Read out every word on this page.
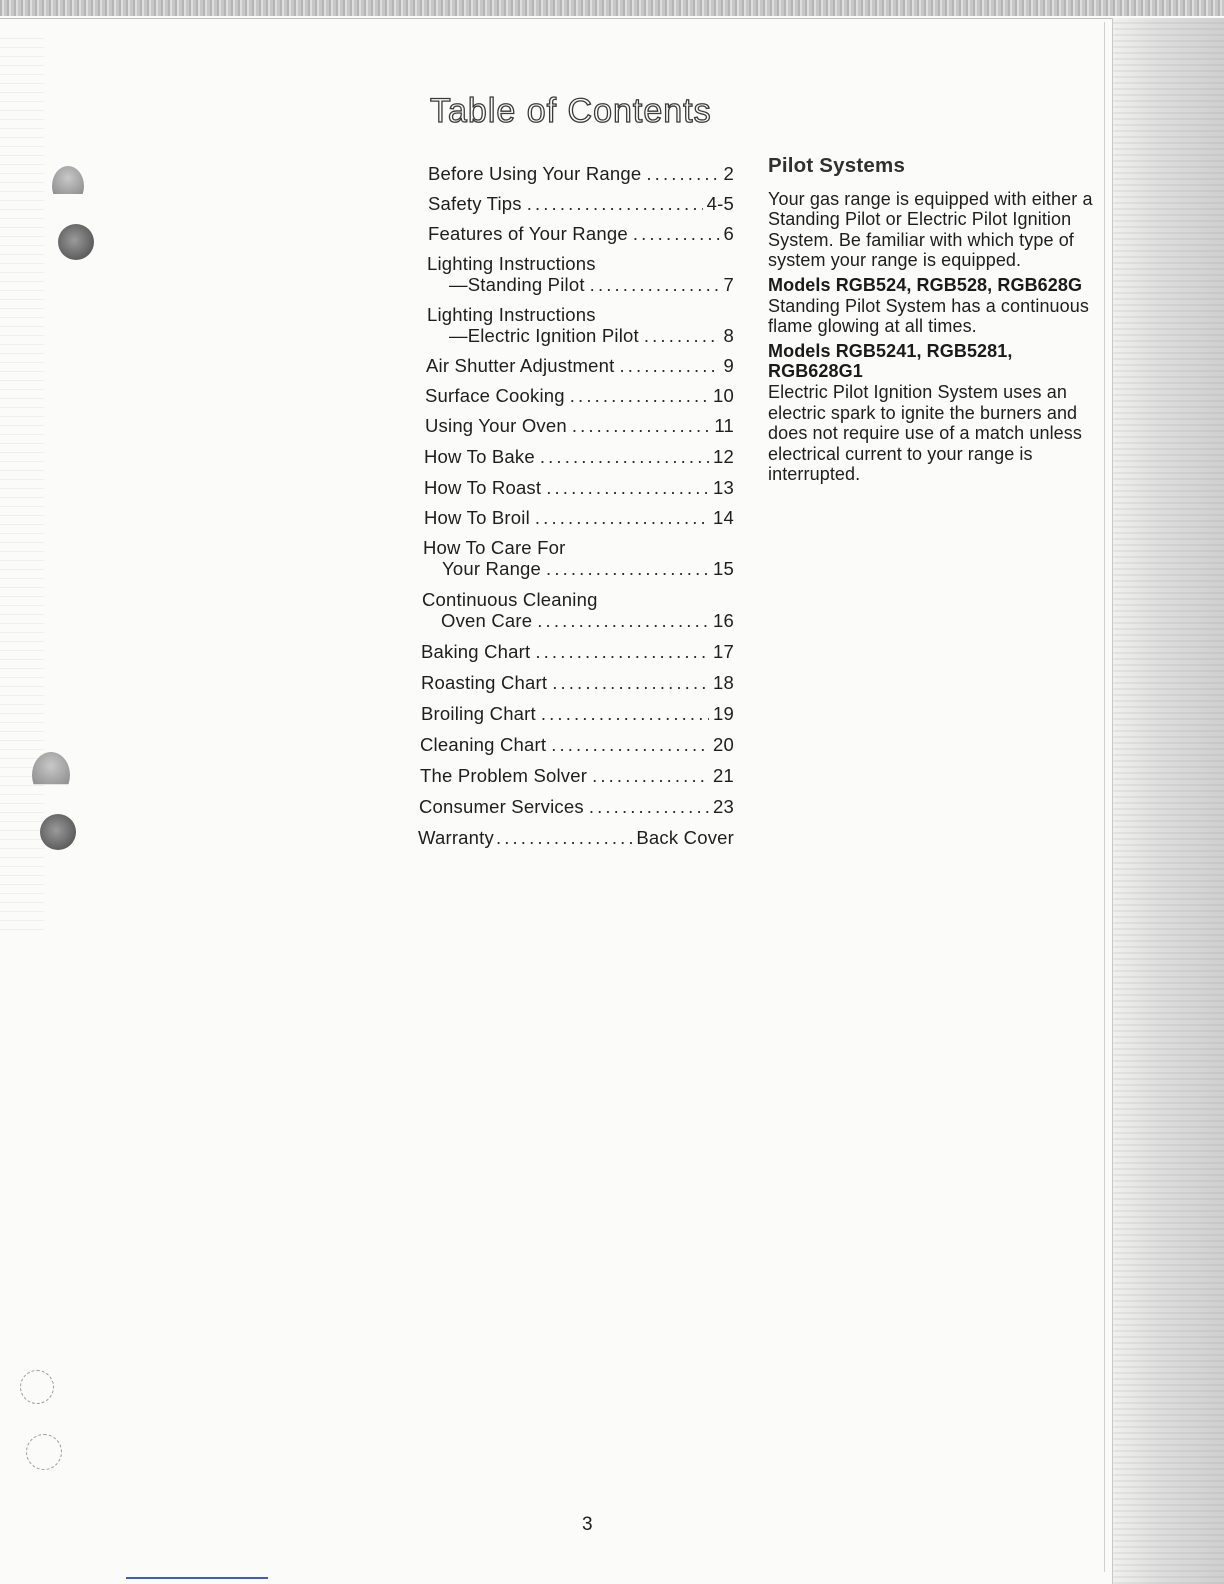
Table of Contents
Before Using Your Range . . .	2
Safety Tips . . .	4-5
Features of Your Range . . .	6
Lighting Instructions
—Standing Pilot . . .	7
Lighting Instructions
—Electric Ignition Pilot . . .	8
Air Shutter Adjustment . . .	9
Surface Cooking . . .	10
Using Your Oven . . .	11
How To Bake . . .	12
How To Roast . . .	13
How To Broil . . .	14
How To Care For
Your Range . . .	15
Continuous Cleaning
Oven Care . . .	16
Baking Chart . . .	17
Roasting Chart . . .	18
Broiling Chart . . .	19
Cleaning Chart . . .	20
The Problem Solver . . .	21
Consumer Services . . .	23
Warranty . . .	Back Cover
Pilot Systems

Your gas range is equipped with either a Standing Pilot or Electric Pilot Ignition System. Be familiar with which type of system your range is equipped.

Models RGB524, RGB528, RGB628G

Standing Pilot System has a continuous flame glowing at all times.

Models RGB5241, RGB5281, RGB628G1

Electric Pilot Ignition System uses an electric spark to ignite the burners and does not require use of a match unless electrical current to your range is interrupted.

3
